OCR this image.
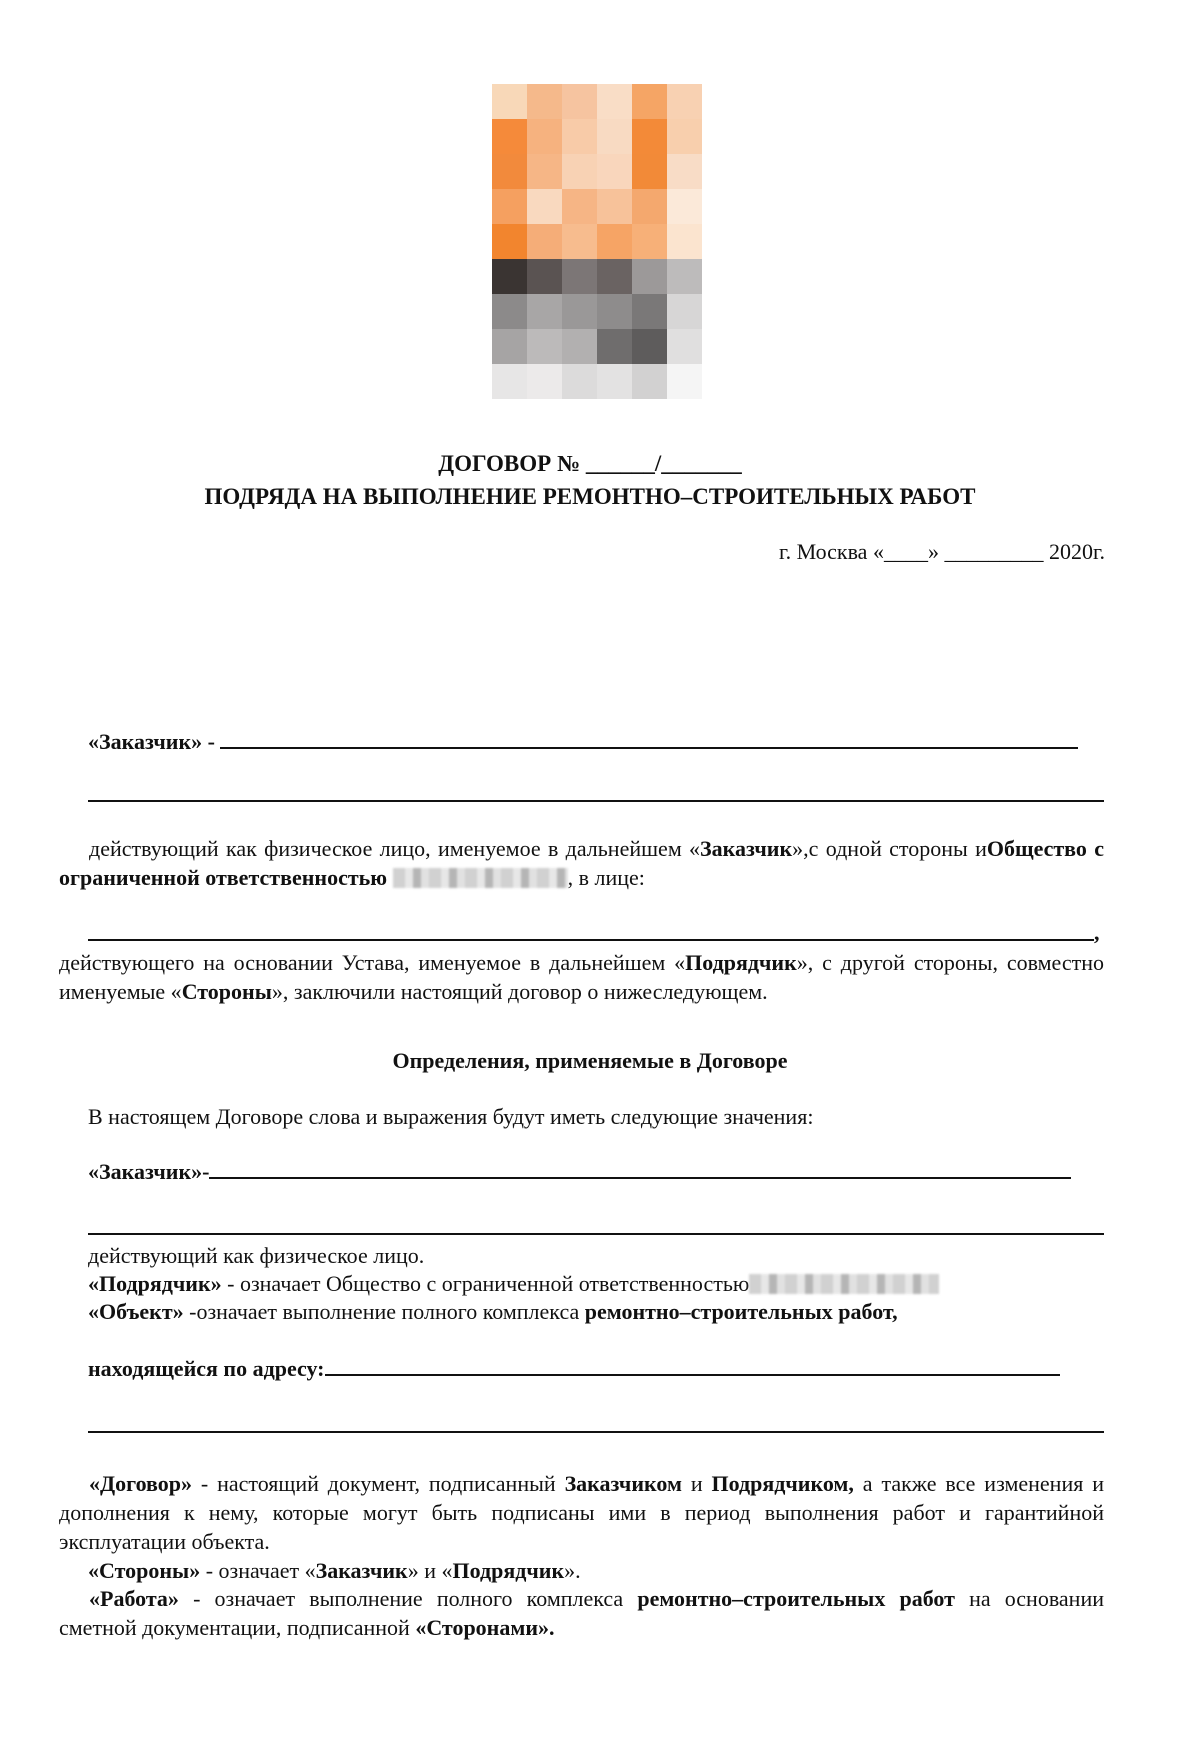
ДОГОВОР № ______/_______
ПОДРЯДА НА ВЫПОЛНЕНИЕ РЕМОНТНО–СТРОИТЕЛЬНЫХ РАБОТ
г. Москва «____» _________ 2020г.
«Заказчик» -
действующий как физическое лицо, именуемое в дальнейшем «Заказчик»,с одной стороны иОбщество с ограниченной ответственностью	, в лице:
,
действующего на основании Устава, именуемое в дальнейшем «Подрядчик», с другой стороны, совместно именуемые «Стороны», заключили настоящий договор о нижеследующем.
Определения, применяемые в Договоре
В настоящем Договоре слова и выражения будут иметь следующие значения:
«Заказчик»-
действующий как физическое лицо.
«Подрядчик» - означает Общество с ограниченной ответственностью
«Объект» -означает выполнение полного комплекса ремонтно–строительных работ,
находящейся по адресу:
«Договор» - настоящий документ, подписанный Заказчиком и Подрядчиком, а также все изменения и дополнения к нему, которые могут быть подписаны ими в период выполнения работ и гарантийной эксплуатации объекта.
«Стороны» - означает «Заказчик» и «Подрядчик».
«Работа» - означает выполнение полного комплекса ремонтно–строительных работ на основании сметной документации, подписанной «Сторонами».
